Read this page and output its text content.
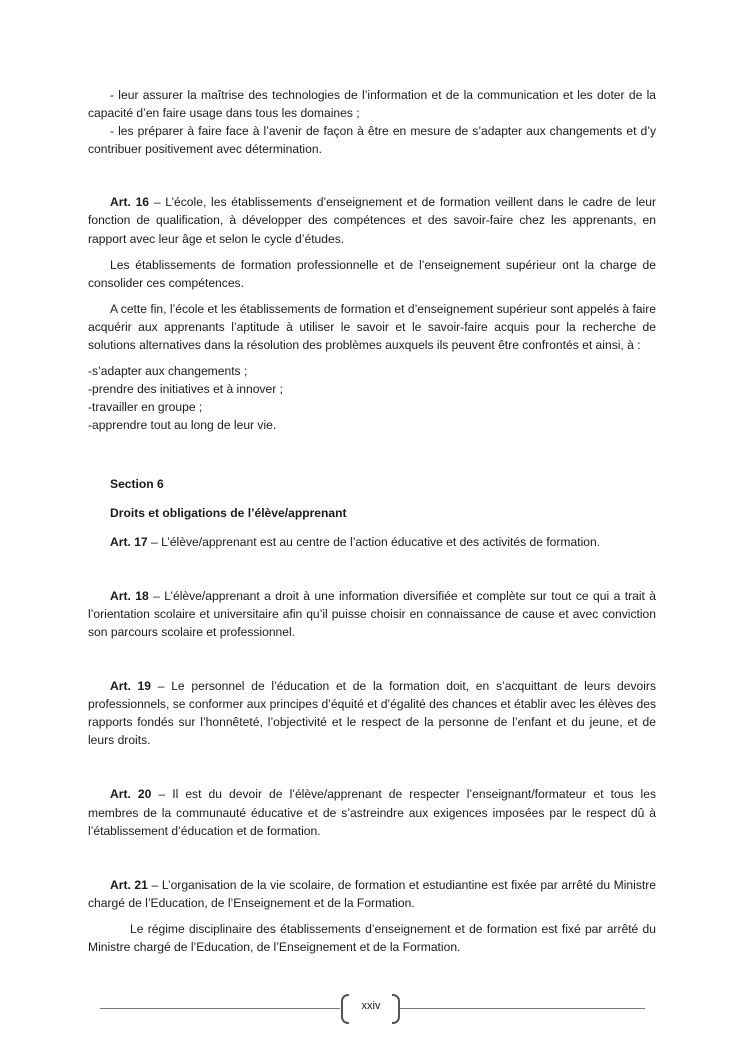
- leur assurer la maîtrise des technologies de l’information et de la communication et les doter de la capacité d’en faire usage dans tous les domaines ;

- les préparer à faire face à l’avenir de façon à être en mesure de s’adapter aux changements et d’y contribuer positivement avec détermination.

Art. 16 – L’école, les établissements d’enseignement et de formation veillent dans le cadre de leur fonction de qualification, à développer des compétences et des savoir-faire chez les apprenants, en rapport avec leur âge et selon le cycle d’études.

Les établissements de formation professionnelle et de l’enseignement supérieur ont la charge de consolider ces compétences.

A cette fin, l’école et les établissements de formation et d’enseignement supérieur sont appelés à faire acquérir aux apprenants l’aptitude à utiliser le savoir et le savoir-faire acquis pour la recherche de solutions alternatives dans la résolution des problèmes auxquels ils peuvent être confrontés et ainsi, à :

-s’adapter aux changements ;

-prendre des initiatives et à innover ;

-travailler en groupe ;

-apprendre tout au long de leur vie.

Section 6

Droits et obligations de l’élève/apprenant

Art. 17 – L’élève/apprenant est au centre de l’action éducative et des activités de formation.

Art. 18 – L’élève/apprenant a droit à une information diversifiée et complète sur tout ce qui a trait à l’orientation scolaire et universitaire afin qu’il puisse choisir en connaissance de cause et avec conviction son parcours scolaire et professionnel.

Art. 19 – Le personnel de l’éducation et de la formation doit, en s’acquittant de leurs devoirs professionnels, se conformer aux principes d’équité et d’égalité des chances et établir avec les élèves des rapports fondés sur l’honnêteté, l’objectivité et le respect de la personne de l’enfant et du jeune, et de leurs droits.

Art. 20 – Il est du devoir de l’élève/apprenant de respecter l’enseignant/formateur et tous les membres de la communauté éducative et de s’astreindre aux exigences imposées par le respect dû à l’établissement d’éducation et de formation.

Art. 21 – L’organisation de la vie scolaire, de formation et estudiantine est fixée par arrêté du Ministre chargé de l’Education, de l’Enseignement et de la Formation.

Le régime disciplinaire des établissements d’enseignement et de formation est fixé par arrêté du Ministre chargé de l’Education, de l’Enseignement et de la Formation.

xxiv
